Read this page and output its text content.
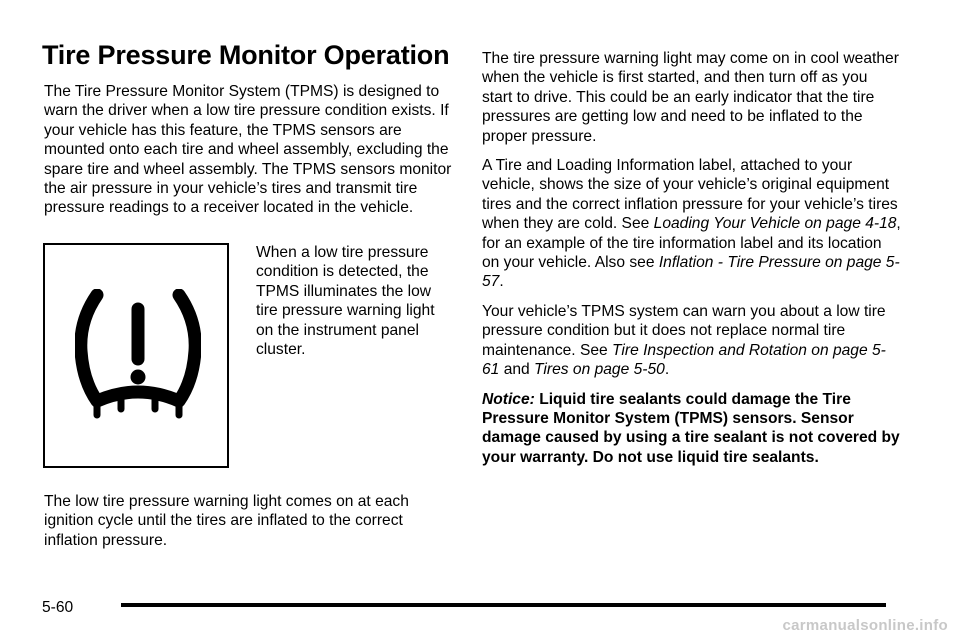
Tire Pressure Monitor Operation

The Tire Pressure Monitor System (TPMS) is designed to warn the driver when a low tire pressure condition exists. If your vehicle has this feature, the TPMS sensors are mounted onto each tire and wheel assembly, excluding the spare tire and wheel assembly. The TPMS sensors monitor the air pressure in your vehicle’s tires and transmit tire pressure readings to a receiver located in the vehicle.

When a low tire pressure condition is detected, the TPMS illuminates the low tire pressure warning light on the instrument panel cluster.

The low tire pressure warning light comes on at each ignition cycle until the tires are inflated to the correct inflation pressure.

The tire pressure warning light may come on in cool weather when the vehicle is first started, and then turn off as you start to drive. This could be an early indicator that the tire pressures are getting low and need to be inflated to the proper pressure.

A Tire and Loading Information label, attached to your vehicle, shows the size of your vehicle’s original equipment tires and the correct inflation pressure for your vehicle’s tires when they are cold. See Loading Your Vehicle on page 4-18, for an example of the tire information label and its location on your vehicle. Also see Inflation - Tire Pressure on page 5-57.

Your vehicle’s TPMS system can warn you about a low tire pressure condition but it does not replace normal tire maintenance. See Tire Inspection and Rotation on page 5-61 and Tires on page 5-50.

Notice: Liquid tire sealants could damage the Tire Pressure Monitor System (TPMS) sensors. Sensor damage caused by using a tire sealant is not covered by your warranty. Do not use liquid tire sealants.

5-60
carmanualsonline.info
